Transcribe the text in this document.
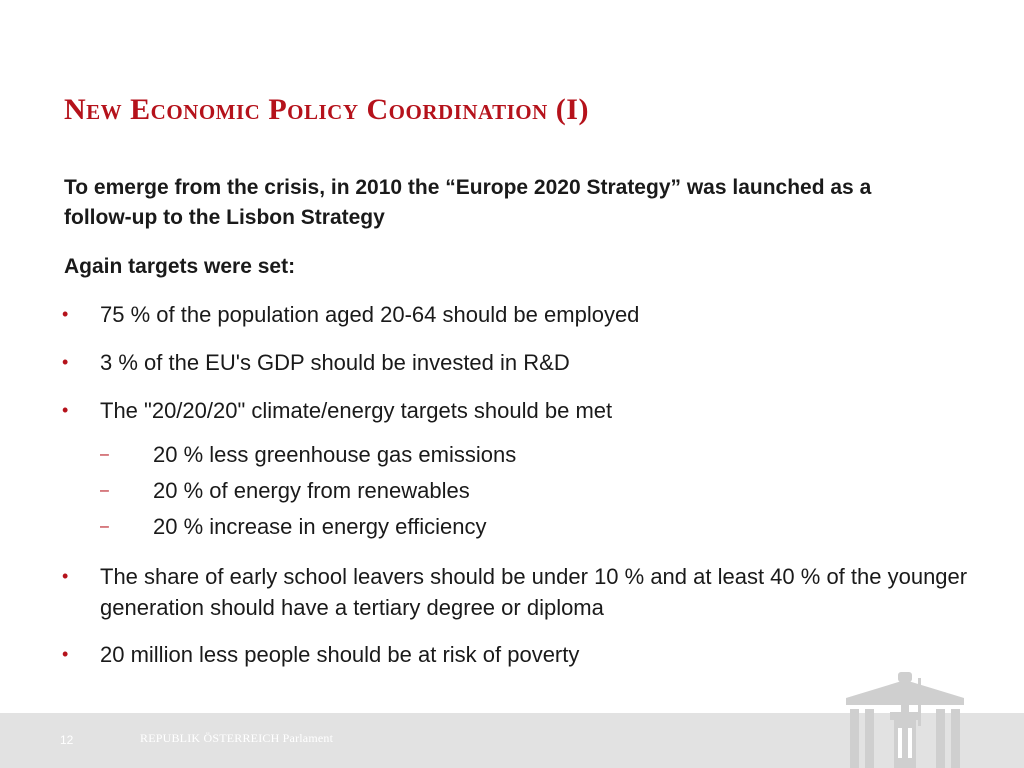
New Economic Policy Coordination (I)

To emerge from the crisis, in 2010 the “Europe 2020 Strategy” was launched as a follow-up to the Lisbon Strategy

Again targets were set:

•	75 % of the population aged 20-64 should be employed
•	3 % of the EU's GDP should be invested in R&D
•	The "20/20/20" climate/energy targets should be met
– 20 % less greenhouse gas emissions
– 20 % of energy from renewables
– 20 % increase in energy efficiency
•	The share of early school leavers should be under 10 % and at least 40 % of the younger generation should have a tertiary degree or diploma
•	20 million less people should be at risk of poverty
12	REPUBLIK ÖSTERREICH Parlament
